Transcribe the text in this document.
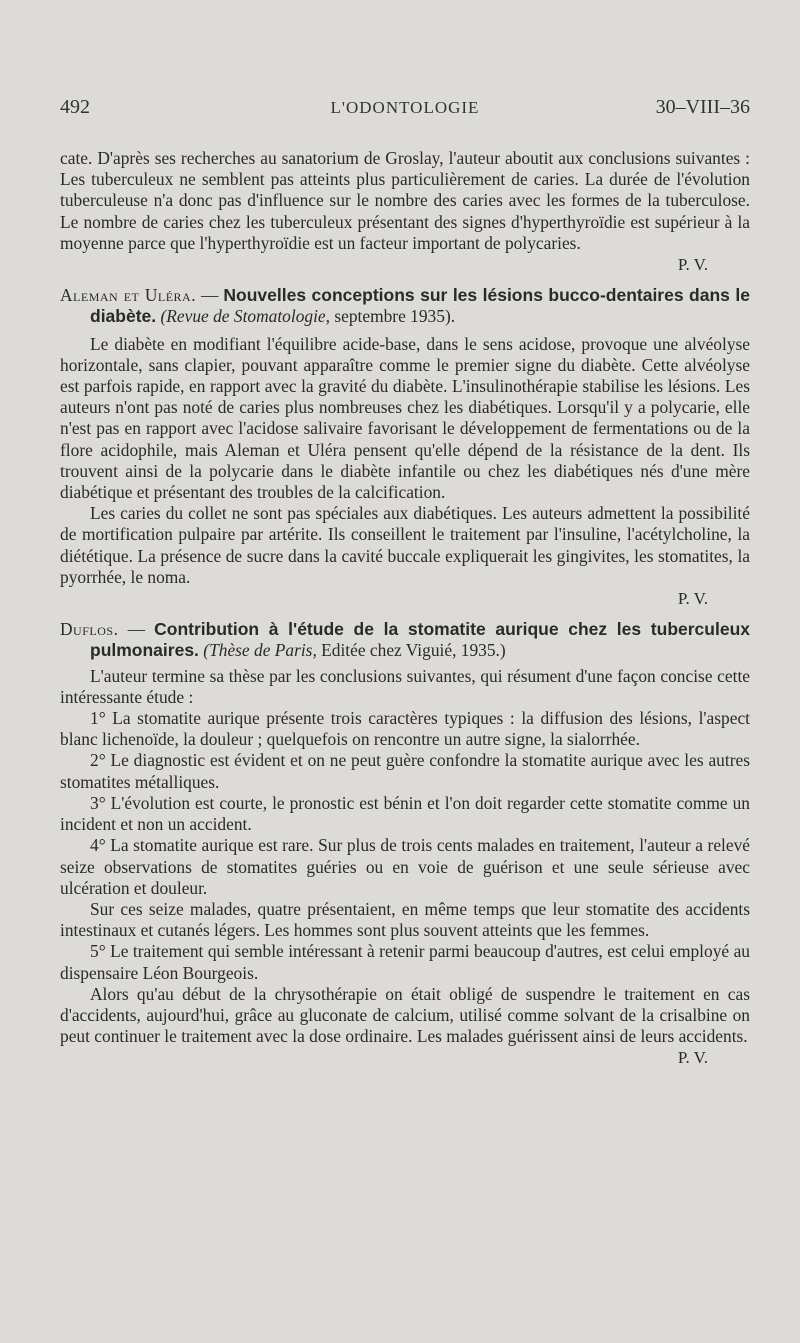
492	L'ODONTOLOGIE	30–VIII–36

cate. D'après ses recherches au sanatorium de Groslay, l'auteur aboutit aux conclusions suivantes : Les tuberculeux ne semblent pas atteints plus particulièrement de caries. La durée de l'évolution tuberculeuse n'a donc pas d'influence sur le nombre des caries avec les formes de la tuberculose. Le nombre de caries chez les tuberculeux présentant des signes d'hyperthyroïdie est supérieur à la moyenne parce que l'hyperthyroïdie est un facteur important de polycaries.

P. V.

Aleman et Uléra. — Nouvelles conceptions sur les lésions bucco-dentaires dans le diabète. (Revue de Stomatologie, septembre 1935).

Le diabète en modifiant l'équilibre acide-base, dans le sens acidose, provoque une alvéolyse horizontale, sans clapier, pouvant apparaître comme le premier signe du diabète. Cette alvéolyse est parfois rapide, en rapport avec la gravité du diabète. L'insulinothérapie stabilise les lésions. Les auteurs n'ont pas noté de caries plus nombreuses chez les diabétiques. Lorsqu'il y a polycarie, elle n'est pas en rapport avec l'acidose salivaire favorisant le développement de fermentations ou de la flore acidophile, mais Aleman et Uléra pensent qu'elle dépend de la résistance de la dent. Ils trouvent ainsi de la polycarie dans le diabète infantile ou chez les diabétiques nés d'une mère diabétique et présentant des troubles de la calcification.

Les caries du collet ne sont pas spéciales aux diabétiques. Les auteurs admettent la possibilité de mortification pulpaire par artérite. Ils conseillent le traitement par l'insuline, l'acétylcholine, la diététique. La présence de sucre dans la cavité buccale expliquerait les gingivites, les stomatites, la pyorrhée, le noma.

P. V.

Duflos. — Contribution à l'étude de la stomatite aurique chez les tuberculeux pulmonaires. (Thèse de Paris, Editée chez Viguié, 1935.)

L'auteur termine sa thèse par les conclusions suivantes, qui résument d'une façon concise cette intéressante étude :

1° La stomatite aurique présente trois caractères typiques : la diffusion des lésions, l'aspect blanc lichenoïde, la douleur ; quelquefois on rencontre un autre signe, la sialorrhée.

2° Le diagnostic est évident et on ne peut guère confondre la stomatite aurique avec les autres stomatites métalliques.

3° L'évolution est courte, le pronostic est bénin et l'on doit regarder cette stomatite comme un incident et non un accident.

4° La stomatite aurique est rare. Sur plus de trois cents malades en traitement, l'auteur a relevé seize observations de stomatites guéries ou en voie de guérison et une seule sérieuse avec ulcération et douleur.

Sur ces seize malades, quatre présentaient, en même temps que leur stomatite des accidents intestinaux et cutanés légers. Les hommes sont plus souvent atteints que les femmes.

5° Le traitement qui semble intéressant à retenir parmi beaucoup d'autres, est celui employé au dispensaire Léon Bourgeois.

Alors qu'au début de la chrysothérapie on était obligé de suspendre le traitement en cas d'accidents, aujourd'hui, grâce au gluconate de calcium, utilisé comme solvant de la crisalbine on peut continuer le traitement avec la dose ordinaire. Les malades guérissent ainsi de leurs accidents.

P. V.
